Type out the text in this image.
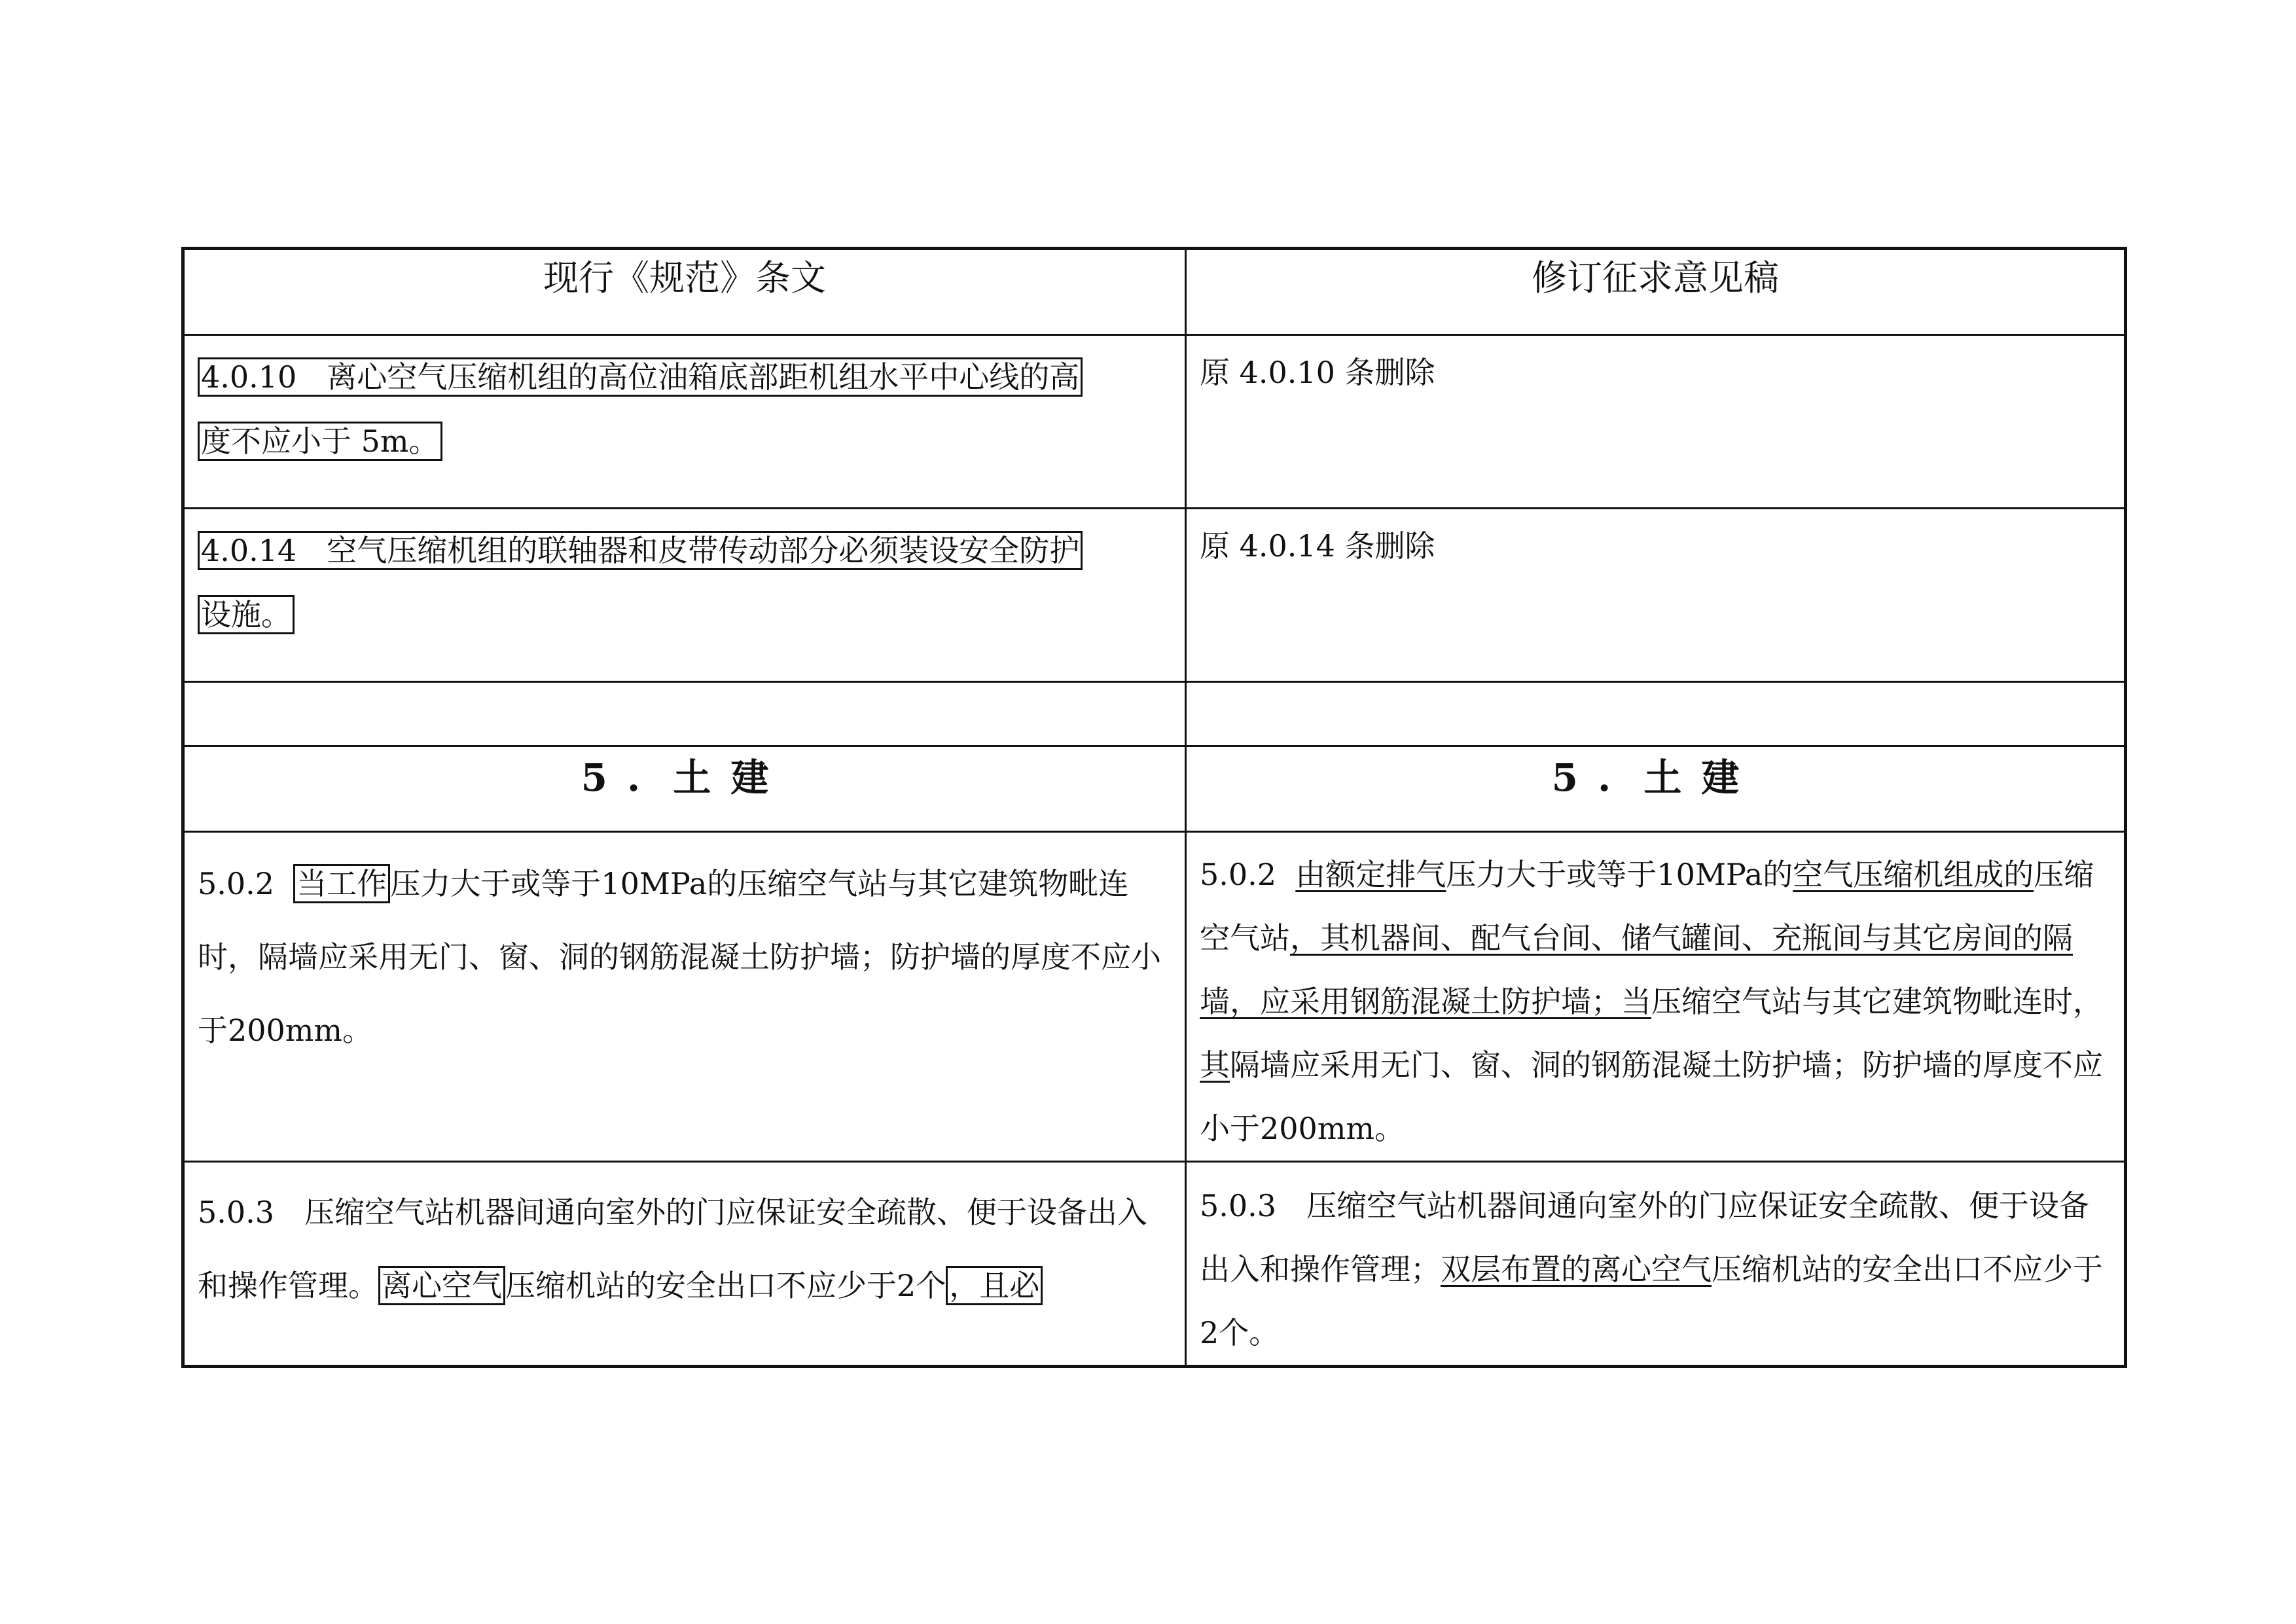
现行《规范》条文	修订征求意见稿

4.0.10　离心空气压缩机组的高位油箱底部距机组水平中心线的高
度不应小于 5m。	原 4.0.10 条删除

4.0.14　空气压缩机组的联轴器和皮带传动部分必须装设安全防护
设施。	原 4.0.14 条删除

5. 土建	5. 土建

5.0.2 当工作 压力大于或等于10MPa的压缩空气站与其它建筑物毗连时，隔墙应采用无门、窗、洞的钢筋混凝土防护墙；防护墙的厚度不应小于200mm。	5.0.2 由额定排气压力大于或等于10MPa的空气压缩机组成的压缩空气站，其机器间、配气台间、储气罐间、充瓶间与其它房间的隔墙，应采用钢筋混凝土防护墙；当压缩空气站与其它建筑物毗连时，其隔墙应采用无门、窗、洞的钢筋混凝土防护墙；防护墙的厚度不应小于200mm。

5.0.3　压缩空气站机器间通向室外的门应保证安全疏散、便于设备出入和操作管理。 离心空气 压缩机站的安全出口不应少于2个 ，且必	5.0.3　压缩空气站机器间通向室外的门应保证安全疏散、便于设备出入和操作管理；双层布置的离心空气压缩机站的安全出口不应少于2个。
